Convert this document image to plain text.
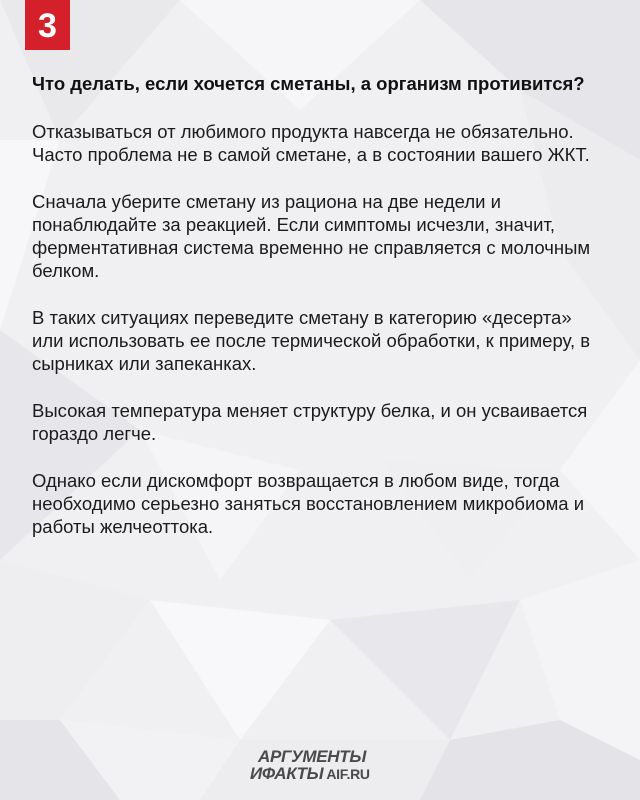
3
Что делать, если хочется сметаны, а организм противится?

Отказываться от любимого продукта навсегда не обязательно. Часто проблема не в самой сметане, а в состоянии вашего ЖКТ.

Сначала уберите сметану из рациона на две недели и понаблюдайте за реакцией. Если симптомы исчезли, значит, ферментативная система временно не справляется с молочным белком.

В таких ситуациях переведите сметану в категорию «десерта» или использовать ее после термической обработки, к примеру, в сырниках или запеканках.

Высокая температура меняет структуру белка, и он усваивается гораздо легче.

Однако если дискомфорт возвращается в любом виде, тогда необходимо серьезно заняться восстановлением микробиома и работы желчеоттока.

АРГУМЕНТЫ
ИФАКТЫ AIF.RU
